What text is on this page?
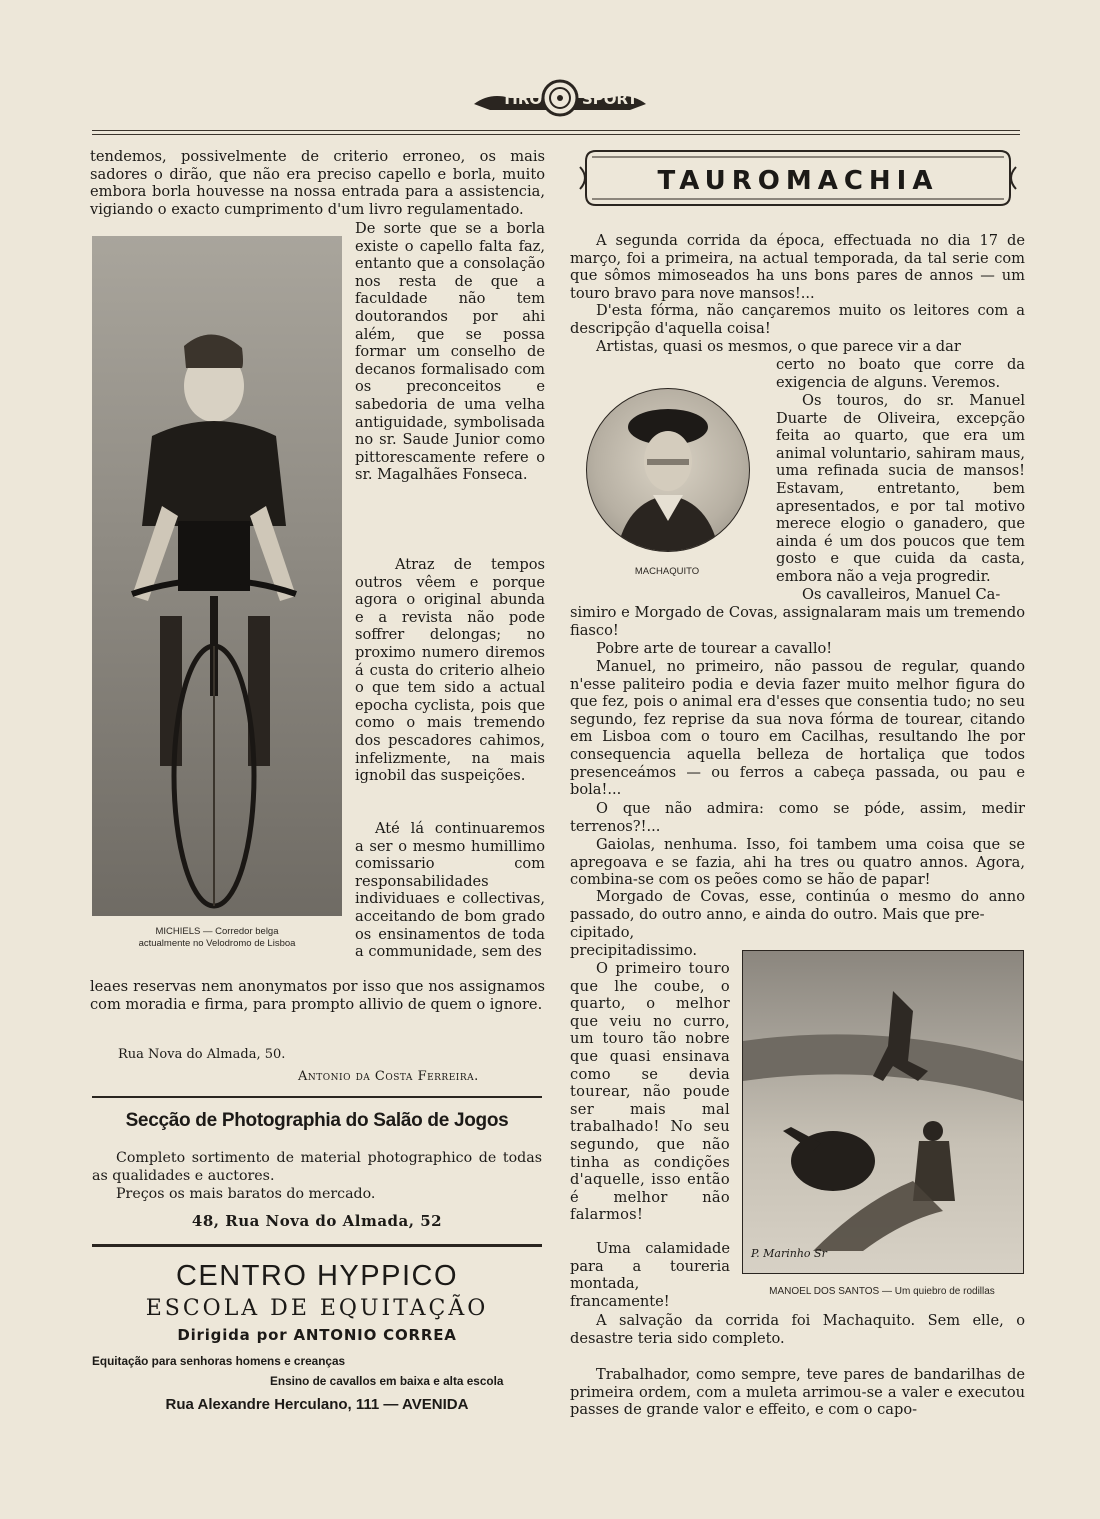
TIRO	SPORT

tendemos, possivelmente de criterio erroneo, os mais sadores o dirão, que não era preciso capello e borla, muito embora borla houvesse na nossa entrada para a assistencia, vigiando o exacto cumprimento d'um livro regulamentado.

MICHIELS — Corredor belga
actualmente no Velodromo de Lisboa

De sorte que se a borla existe o capello falta faz, entanto que a consolação nos resta de que a faculdade não tem doutorandos por ahi além, que se possa formar um conselho de decanos formalisado com os preconceitos e sabedoria de uma velha antiguidade, symbolisada no sr. Saude Junior como pittorescamente refere o sr. Magalhães Fonseca.

Atraz de tempos outros vêem e porque agora o original abunda e a revista não pode soffrer delongas; no proximo numero diremos á custa do criterio alheio o que tem sido a actual epocha cyclista, pois que como o mais tremendo dos pescadores cahimos, infelizmente, na mais ignobil das suspeições.

Até lá continuaremos a ser o mesmo humillimo comissario com responsabilidades individuaes e collectivas, acceitando de bom grado os ensinamentos de toda a communidade, sem des

leaes reservas nem anonymatos por isso que nos assignamos com moradia e firma, para prompto allivio de quem o ignore.

Rua Nova do Almada, 50.
Antonio da Costa Ferreira.
Secção de Photographia do Salão de Jogos

Completo sortimento de material photographico de todas as qualidades e auctores.

Preços os mais baratos do mercado.
48, Rua Nova do Almada, 52
CENTRO HYPPICO
ESCOLA DE EQUITAÇÃO
Dirigida por ANTONIO CORREA
Equitação para senhoras homens e creanças
Ensino de cavallos em baixa e alta escola
Rua Alexandre Herculano, 111 — AVENIDA
TAUROMACHIA

A segunda corrida da época, effectuada no dia 17 de março, foi a primeira, na actual temporada, da tal serie com que sômos mimoseados ha uns bons pares de annos — um touro bravo para nove mansos!...

D'esta fórma, não cançaremos muito os leitores com a descripção d'aquella coisa!

Artistas, quasi os mesmos, o que parece vir a dar

certo no boato que corre da exigencia de alguns. Veremos.

MACHAQUITO

Os touros, do sr. Manuel Duarte de Oliveira, excepção feita ao quarto, que era um animal voluntario, sahiram maus, uma refinada sucia de mansos! Estavam, entretanto, bem apresentados, e por tal motivo merece elogio o ganadero, que ainda é um dos poucos que tem gosto e que cuida da casta, embora não a veja progredir.

Os cavalleiros, Manuel Ca-

simiro e Morgado de Covas, assignalaram mais um tremendo fiasco!

Pobre arte de tourear a cavallo!

Manuel, no primeiro, não passou de regular, quando n'esse paliteiro podia e devia fazer muito melhor figura do que fez, pois o animal era d'esses que consentia tudo; no seu segundo, fez reprise da sua nova fórma de tourear, citando em Lisboa com o touro em Cacilhas, resultando lhe por consequencia aquella belleza de hortaliça que todos presenceámos — ou ferros a cabeça passada, ou pau e bola!...

O que não admira: como se póde, assim, medir terrenos?!...

Gaiolas, nenhuma. Isso, foi tambem uma coisa que se apregoava e se fazia, ahi ha tres ou quatro annos. Agora, combina-se com os peões como se hão de papar!

Morgado de Covas, esse, continúa o mesmo do anno passado, do outro anno, e ainda do outro. Mais que pre-

cipitado, precipitadissimo.

P. Marinho Sr
MANOEL DOS SANTOS — Um quiebro de rodillas

O primeiro touro que lhe coube, o quarto, o melhor que veiu no curro, um touro tão nobre que quasi ensinava como se devia tourear, não poude ser mais mal trabalhado! No seu segundo, que não tinha as condições d'aquelle, isso então é melhor não falarmos!

Uma calamidade para a toureria montada, francamente!

A salvação da corrida foi Machaquito. Sem elle, o desastre teria sido completo.

Trabalhador, como sempre, teve pares de bandarilhas de primeira ordem, com a muleta arrimou-se a valer e executou passes de grande valor e effeito, e com o capo-
